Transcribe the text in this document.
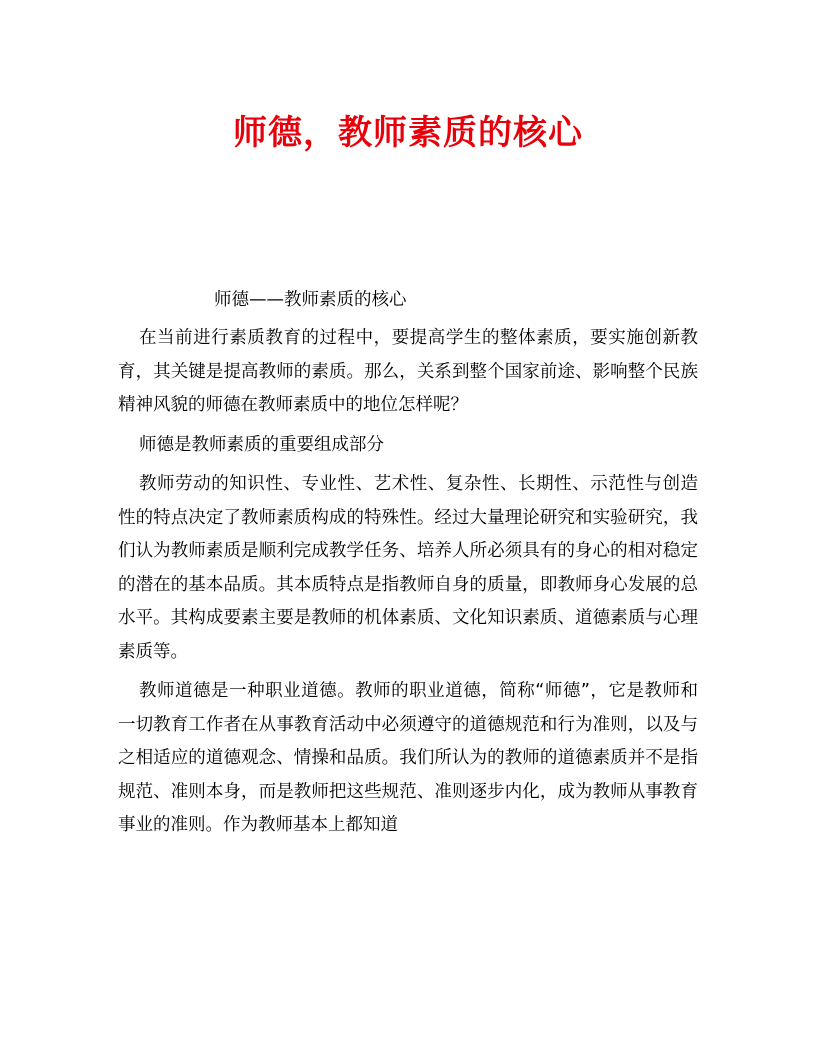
师德，教师素质的核心

师德——教师素质的核心

在当前进行素质教育的过程中，要提高学生的整体素质，要实施创新教育，其关键是提高教师的素质。那么，关系到整个国家前途、影响整个民族精神风貌的师德在教师素质中的地位怎样呢？

师德是教师素质的重要组成部分

教师劳动的知识性、专业性、艺术性、复杂性、长期性、示范性与创造性的特点决定了教师素质构成的特殊性。经过大量理论研究和实验研究，我们认为教师素质是顺利完成教学任务、培养人所必须具有的身心的相对稳定的潜在的基本品质。其本质特点是指教师自身的质量，即教师身心发展的总水平。其构成要素主要是教师的机体素质、文化知识素质、道德素质与心理素质等。

教师道德是一种职业道德。教师的职业道德，简称“师德”，它是教师和一切教育工作者在从事教育活动中必须遵守的道德规范和行为准则，以及与之相适应的道德观念、情操和品质。我们所认为的教师的道德素质并不是指规范、准则本身，而是教师把这些规范、准则逐步内化，成为教师从事教育事业的准则。作为教师基本上都知道
